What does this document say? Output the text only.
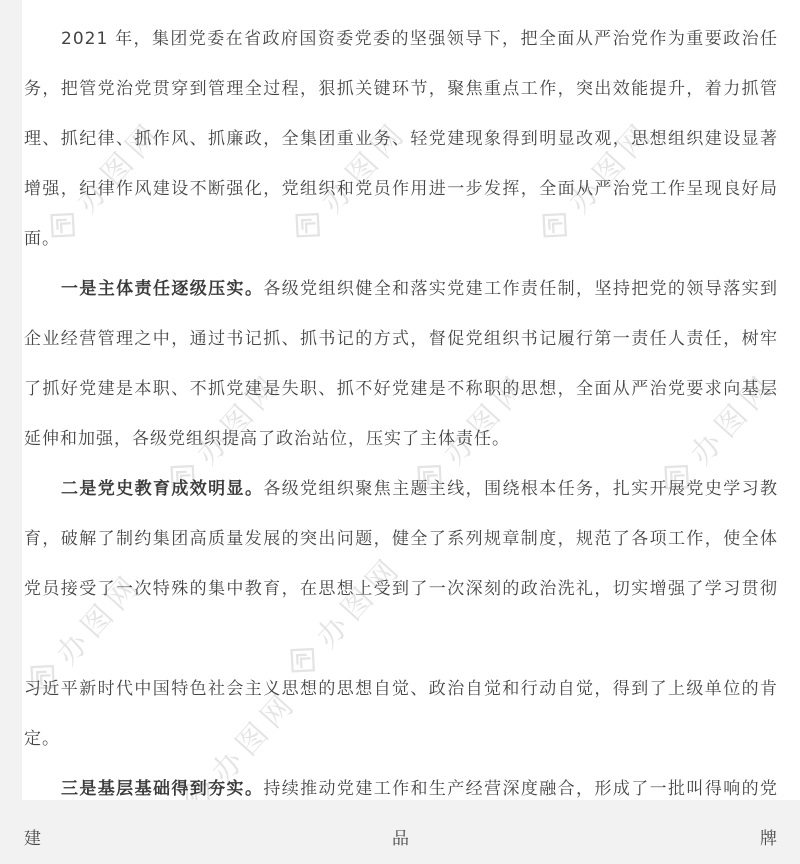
办图网	办图网	办图网
办图网	办图网	办图网
办图网	办图网
办图网

2021 年，集团党委在省政府国资委党委的坚强领导下，把全面从严治党作为重要政治任务，把管党治党贯穿到管理全过程，狠抓关键环节，聚焦重点工作，突出效能提升，着力抓管理、抓纪律、抓作风、抓廉政，全集团重业务、轻党建现象得到明显改观，思想组织建设显著增强，纪律作风建设不断强化，党组织和党员作用进一步发挥，全面从严治党工作呈现良好局面。

一是主体责任逐级压实。各级党组织健全和落实党建工作责任制，坚持把党的领导落实到企业经营管理之中，通过书记抓、抓书记的方式，督促党组织书记履行第一责任人责任，树牢了抓好党建是本职、不抓党建是失职、抓不好党建是不称职的思想，全面从严治党要求向基层延伸和加强，各级党组织提高了政治站位，压实了主体责任。

二是党史教育成效明显。各级党组织聚焦主题主线，围绕根本任务，扎实开展党史学习教育，破解了制约集团高质量发展的突出问题，健全了系列规章制度，规范了各项工作，使全体党员接受了一次特殊的集中教育，在思想上受到了一次深刻的政治洗礼，切实增强了学习贯彻

习近平新时代中国特色社会主义思想的思想自觉、政治自觉和行动自觉，得到了上级单位的肯定。

三是基层基础得到夯实。持续推动党建工作和生产经营深度融合，形成了一批叫得响的党建品牌
